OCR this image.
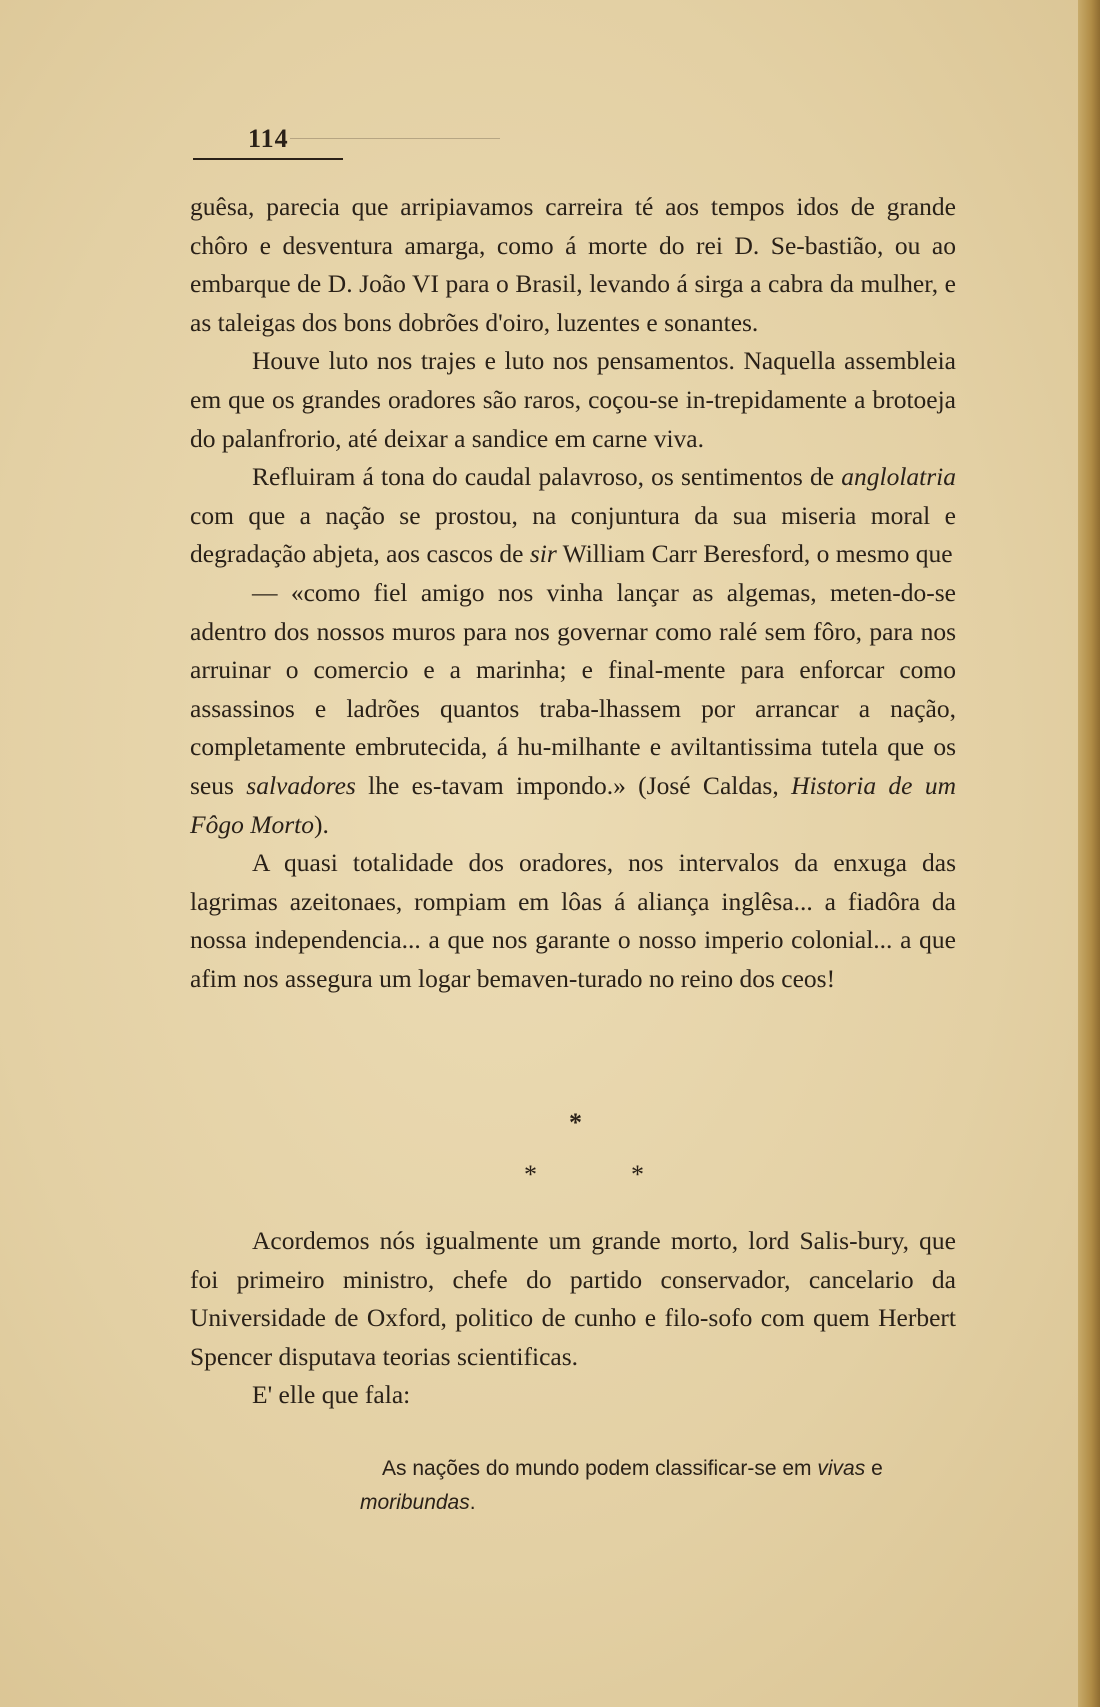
114

guêsa, parecia que arripiavamos carreira té aos tempos idos de grande chôro e desventura amarga, como á morte do rei D. Se-bastião, ou ao embarque de D. João VI para o Brasil, levando á sirga a cabra da mulher, e as taleigas dos bons dobrões d'oiro, luzentes e sonantes.

Houve luto nos trajes e luto nos pensamentos. Naquella assembleia em que os grandes oradores são raros, coçou-se in-trepidamente a brotoeja do palanfrorio, até deixar a sandice em carne viva.

Refluiram á tona do caudal palavroso, os sentimentos de anglolatria com que a nação se prostou, na conjuntura da sua miseria moral e degradação abjeta, aos cascos de sir William Carr Beresford, o mesmo que

— «como fiel amigo nos vinha lançar as algemas, meten-do-se adentro dos nossos muros para nos governar como ralé sem fôro, para nos arruinar o comercio e a marinha; e final-mente para enforcar como assassinos e ladrões quantos traba-lhassem por arrancar a nação, completamente embrutecida, á hu-milhante e aviltantissima tutela que os seus salvadores lhe es-tavam impondo.» (José Caldas, Historia de um Fôgo Morto).

A quasi totalidade dos oradores, nos intervalos da enxuga das lagrimas azeitonaes, rompiam em lôas á aliança inglêsa... a fiadôra da nossa independencia... a que nos garante o nosso imperio colonial... a que afim nos assegura um logar bemaven-turado no reino dos ceos!

*
*	*

Acordemos nós igualmente um grande morto, lord Salis-bury, que foi primeiro ministro, chefe do partido conservador, cancelario da Universidade de Oxford, politico de cunho e filo-sofo com quem Herbert Spencer disputava teorias scientificas.

E' elle que fala:

As nações do mundo podem classificar-se em vivas e moribundas.
